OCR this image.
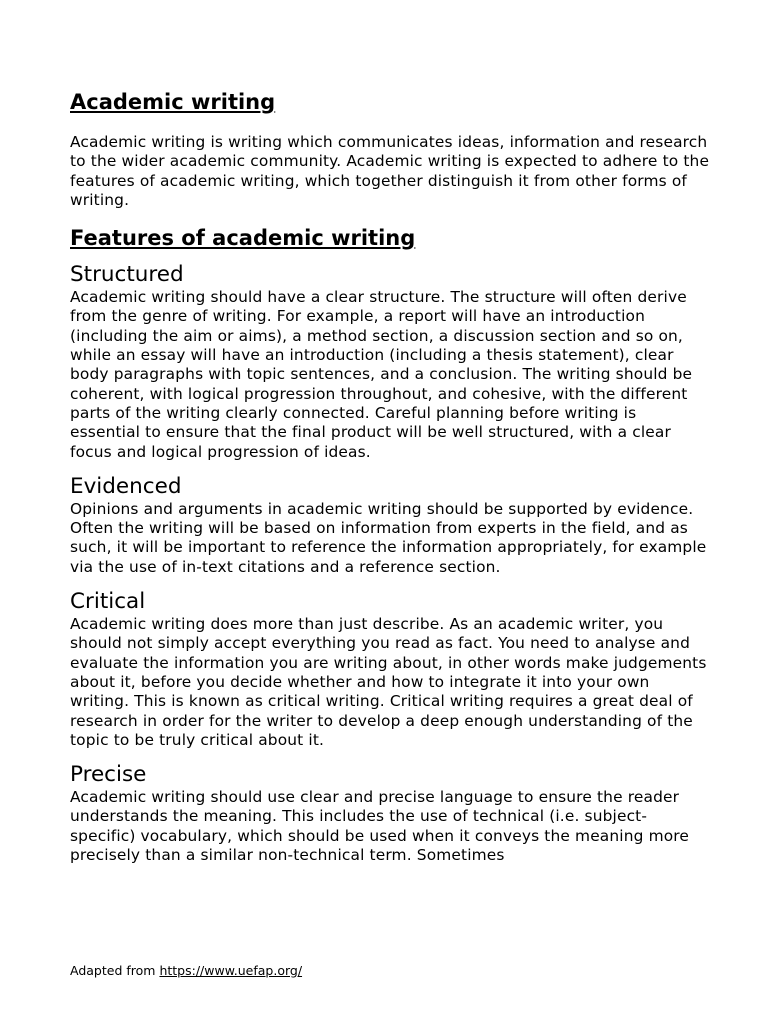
Academic writing

Academic writing is writing which communicates ideas, information and research to the wider academic community. Academic writing is expected to adhere to the features of academic writing, which together distinguish it from other forms of writing.

Features of academic writing
Structured

Academic writing should have a clear structure. The structure will often derive from the genre of writing. For example, a report will have an introduction (including the aim or aims), a method section, a discussion section and so on, while an essay will have an introduction (including a thesis statement), clear body paragraphs with topic sentences, and a conclusion. The writing should be coherent, with logical progression throughout, and cohesive, with the different parts of the writing clearly connected. Careful planning before writing is essential to ensure that the final product will be well structured, with a clear focus and logical progression of ideas.

Evidenced

Opinions and arguments in academic writing should be supported by evidence. Often the writing will be based on information from experts in the field, and as such, it will be important to reference the information appropriately, for example via the use of in-text citations and a reference section.

Critical

Academic writing does more than just describe. As an academic writer, you should not simply accept everything you read as fact. You need to analyse and evaluate the information you are writing about, in other words make judgements about it, before you decide whether and how to integrate it into your own writing. This is known as critical writing. Critical writing requires a great deal of research in order for the writer to develop a deep enough understanding of the topic to be truly critical about it.

Precise

Academic writing should use clear and precise language to ensure the reader understands the meaning. This includes the use of technical (i.e. subject-specific) vocabulary, which should be used when it conveys the meaning more precisely than a similar non-technical term. Sometimes

Adapted from https://www.uefap.org/
